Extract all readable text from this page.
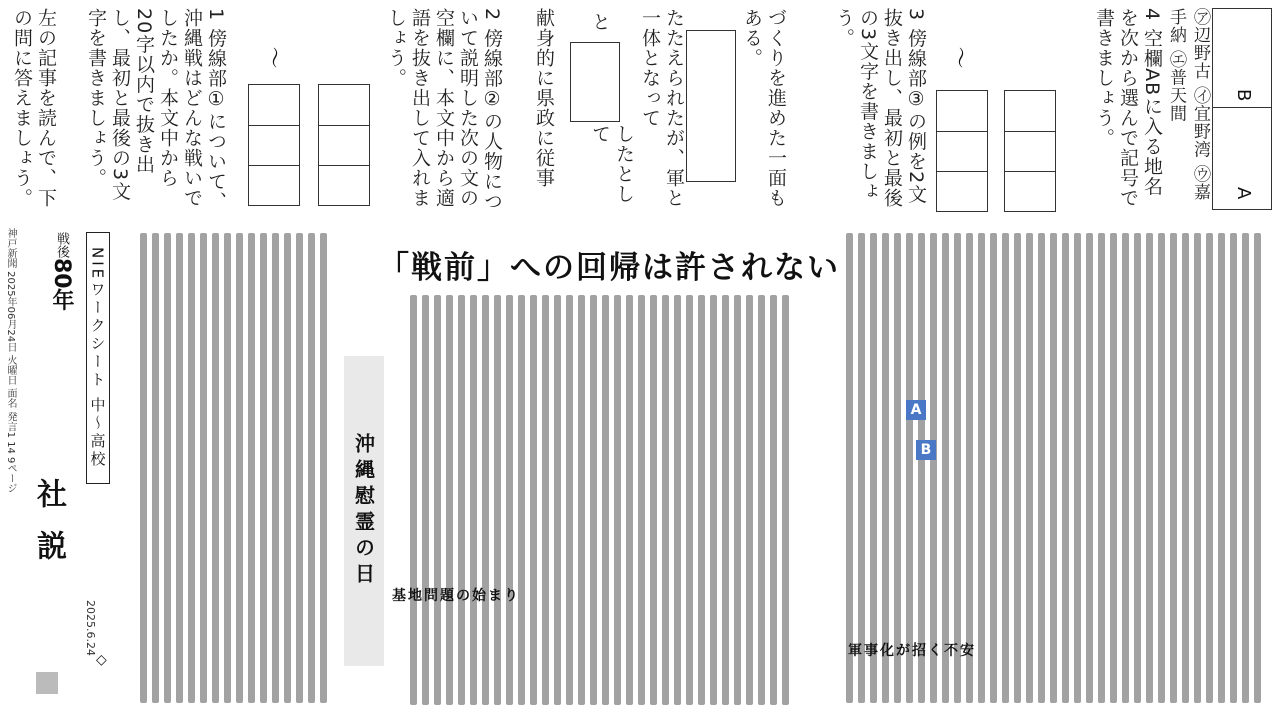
神戸新聞 2025年06月24日 火曜日 面名 発言1 14 9ページ
社説
2025.6.24
戦後80年 NIEワークシート 中〜高校
◇
「戦前」への回帰は許されない
沖縄慰霊の日
基地問題の始まり
軍事化が招く不安
A
B
左の記事を読んで、下の問に答えましょう。	1 傍線部①について、沖縄戦はどんな戦いでしたか。本文中から20字以内で抜き出し、最初と最後の3文字を書きましょう。	〜	2 傍線部②の人物について説明した次の文の空欄に、本文中から適語を抜き出して入れましょう。	献身的に県政に従事 と
したとして	たたえられたが、軍と一体となって	づくりを進めた一面もある。	3 傍線部③の例を2文抜き出し、最初と最後の3文字を書きましょう。
〜	4 空欄ABに入る地名を次から選んで記号で書きましょう。	㋐辺野古 ㋑宜野湾 ㋒嘉手納 ㋓普天間	B
A
